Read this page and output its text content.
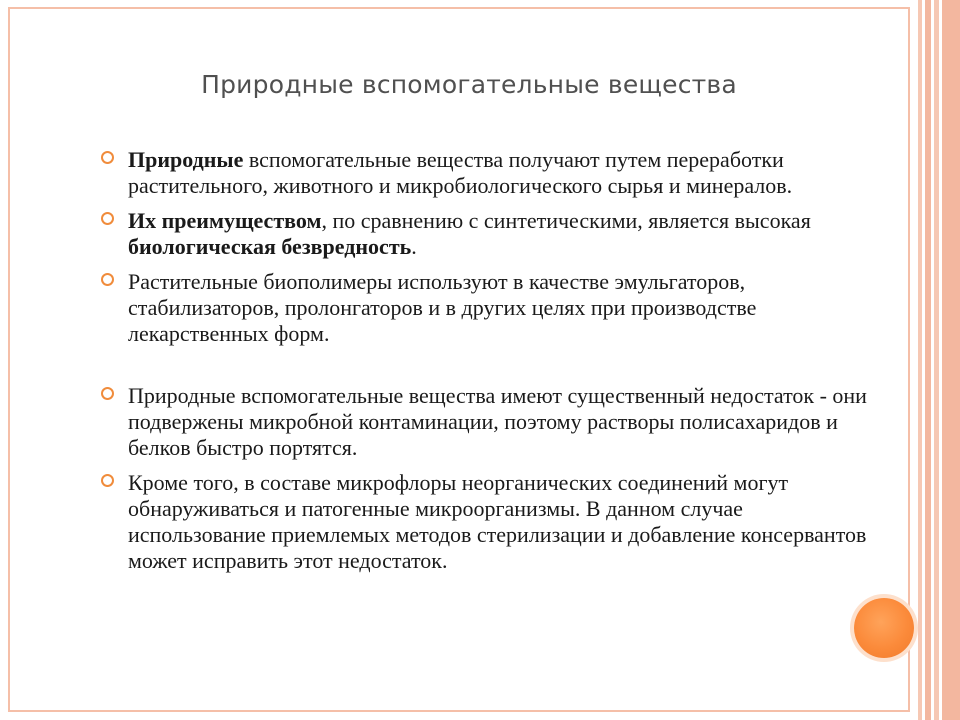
Природные вспомогательные вещества
Природные вспомогательные вещества получают путем переработки растительного, животного и микробиологического сырья и минералов.
Их преимуществом, по сравнению с синтетическими, является высокая биологическая безвредность.
Растительные биополимеры используют в качестве эмульгаторов, стабилизаторов, пролонгаторов и в других целях при производстве лекарственных форм.
Природные вспомогательные вещества имеют существенный недостаток - они подвержены микробной контаминации, поэтому растворы полисахаридов и белков быстро портятся.
Кроме того, в составе микрофлоры неорганических соединений могут обнаруживаться и патогенные микроорганизмы. В данном случае использование приемлемых методов стерилизации и добавление консервантов может исправить этот недостаток.
